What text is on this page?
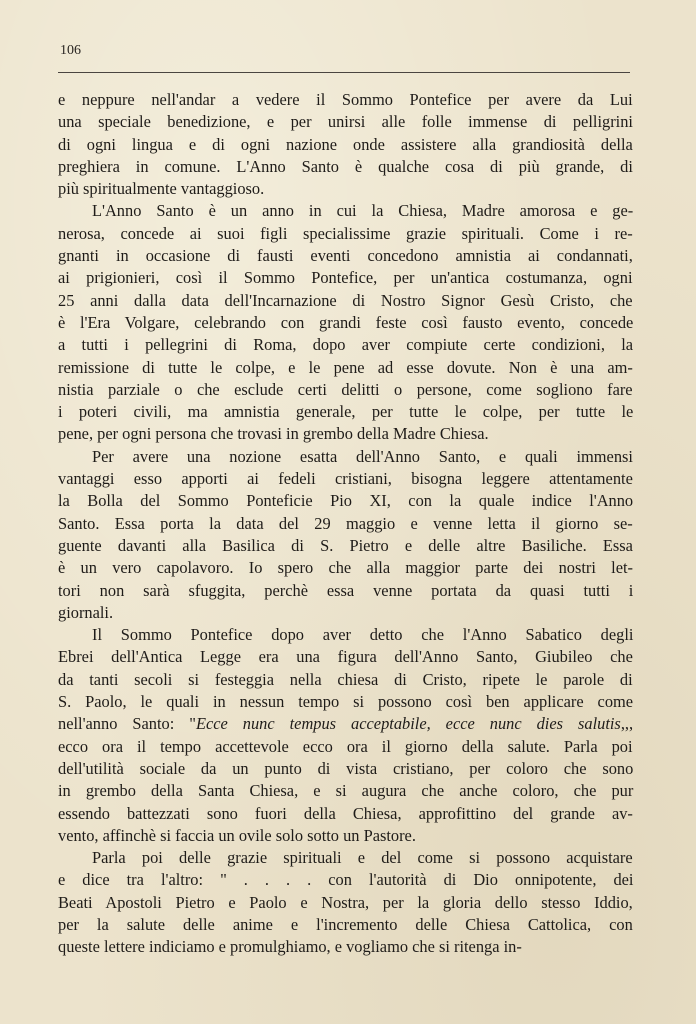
106
e neppure nell'andar a vedere il Sommo Pontefice per avere da Lui
una speciale benedizione, e per unirsi alle folle immense di pelligrini
di ogni lingua e di ogni nazione onde assistere alla grandiosità della
preghiera in comune. L'Anno Santo è qualche cosa di più grande, di
più spiritualmente vantaggioso.
L'Anno Santo è un anno in cui la Chiesa, Madre amorosa e ge-
nerosa, concede ai suoi figli specialissime grazie spirituali. Come i re-
gnanti in occasione di fausti eventi concedono amnistia ai condannati,
ai prigionieri, così il Sommo Pontefice, per un'antica costumanza, ogni
25 anni dalla data dell'Incarnazione di Nostro Signor Gesù Cristo, che
è l'Era Volgare, celebrando con grandi feste così fausto evento, concede
a tutti i pellegrini di Roma, dopo aver compiute certe condizioni, la
remissione di tutte le colpe, e le pene ad esse dovute. Non è una am-
nistia parziale o che esclude certi delitti o persone, come sogliono fare
i poteri civili, ma amnistia generale, per tutte le colpe, per tutte le
pene, per ogni persona che trovasi in grembo della Madre Chiesa.
Per avere una nozione esatta dell'Anno Santo, e quali immensi
vantaggi esso apporti ai fedeli cristiani, bisogna leggere attentamente
la Bolla del Sommo Ponteficie Pio XI, con la quale indice l'Anno
Santo. Essa porta la data del 29 maggio e venne letta il giorno se-
guente davanti alla Basilica di S. Pietro e delle altre Basiliche. Essa
è un vero capolavoro. Io spero che alla maggior parte dei nostri let-
tori non sarà sfuggita, perchè essa venne portata da quasi tutti i
giornali.
Il Sommo Pontefice dopo aver detto che l'Anno Sabatico degli
Ebrei dell'Antica Legge era una figura dell'Anno Santo, Giubileo che
da tanti secoli si festeggia nella chiesa di Cristo, ripete le parole di
S. Paolo, le quali in nessun tempo si possono così ben applicare come
nell'anno Santo: "Ecce nunc tempus acceptabile, ecce nunc dies salutis,,,
ecco ora il tempo accettevole ecco ora il giorno della salute. Parla poi
dell'utilità sociale da un punto di vista cristiano, per coloro che sono
in grembo della Santa Chiesa, e si augura che anche coloro, che pur
essendo battezzati sono fuori della Chiesa, approfittino del grande av-
vento, affinchè si faccia un ovile solo sotto un Pastore.
Parla poi delle grazie spirituali e del come si possono acquistare
e dice tra l'altro: " . . . . con l'autorità di Dio onnipotente, dei
Beati Apostoli Pietro e Paolo e Nostra, per la gloria dello stesso Iddio,
per la salute delle anime e l'incremento delle Chiesa Cattolica, con
queste lettere indiciamo e promulghiamo, e vogliamo che si ritenga in-
